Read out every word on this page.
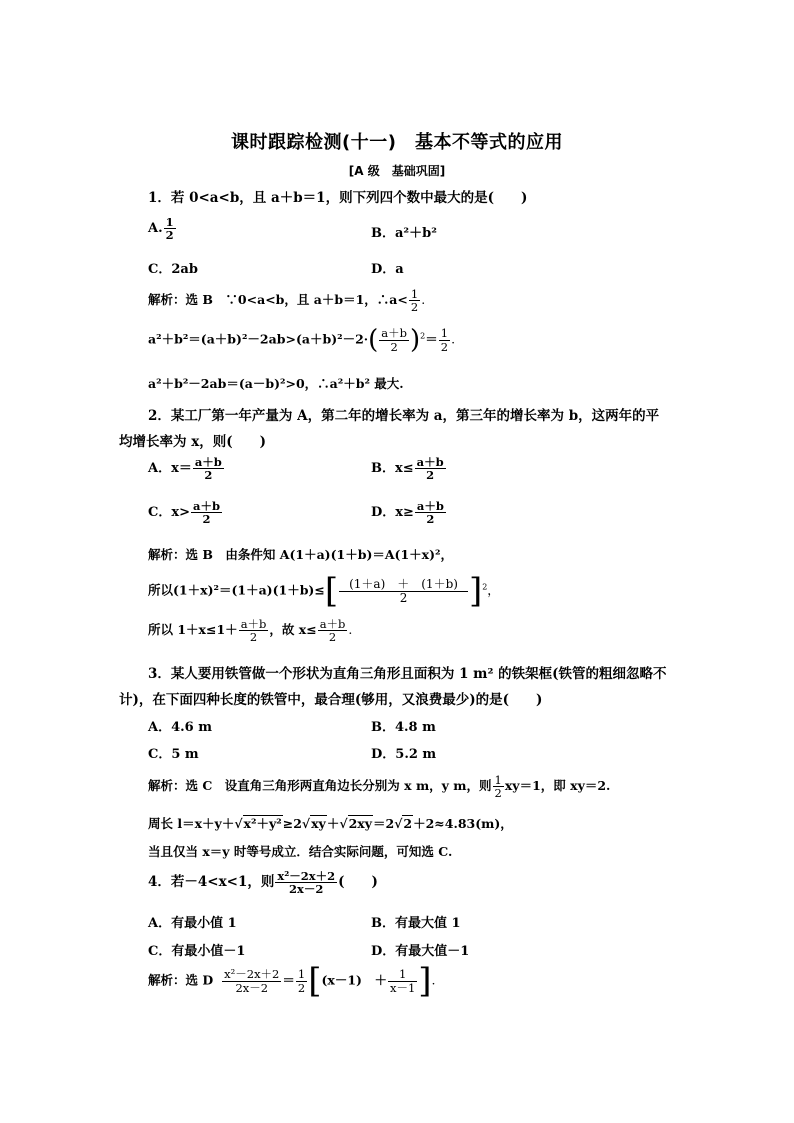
课时跟踪检测(十一)　基本不等式的应用
[A 级　基础巩固]
1．若 0<a<b，且 a＋b＝1，则下列四个数中最大的是(　　)
A. $\frac{1}{2}$	B．a²＋b²
C．2ab	D．a
解析：选 B　∵0<a<b，且 a＋b＝1，∴a< $\frac{1}{2}$ .
$a^2+b^2=(a+b)^2-2ab>(a+b)^2-2\cdot( \frac{a+b}{2} )^2= \frac{1}{2}$ .
a²＋b²－2ab＝(a－b)²>0，∴a²＋b² 最大.
2．某工厂第一年产量为 A，第二年的增长率为 a，第三年的增长率为 b，这两年的平
均增长率为 x，则(　　)
A．$x= \frac{a+b}{2}$	B．$x\le \frac{a+b}{2}$
C．$x> \frac{a+b}{2}$	D．$x\ge \frac{a+b}{2}$
解析：选 B　由条件知 A(1＋a)(1＋b)＝A(1＋x)²，
所以$(1+x)^2=(1+a)(1+b)\le[ \frac{(1+a) + (1+b)}{2} ]^2$，
所以 $1+x\le 1+ \frac{a+b}{2}$ ，故 $x\le \frac{a+b}{2}$ .
3．某人要用铁管做一个形状为直角三角形且面积为 1 m² 的铁架框(铁管的粗细忽略不
计)，在下面四种长度的铁管中，最合理(够用，又浪费最少)的是(　　)
A．4.6 m	B．4.8 m
C．5 m	D．5.2 m
解析：选 C　设直角三角形两直角边长分别为 x m，y m，则 $\frac{1}{2} xy=1$，即 xy＝2.
周长 l＝x＋y＋√x²＋y²≥2√xy＋√2xy＝2√2＋2≈4.83(m)，
当且仅当 x＝y 时等号成立．结合实际问题，可知选 C.
4．若－4<x<1，则 $\frac{\text{x²－2x＋2}}{2x-2}$ (　　)
A．有最小值 1	B．有最大值 1
C．有最小值－1	D．有最大值－1
解析：选 D $\frac{\text{x²－2x＋2}}{2x-2} = \frac{1}{2} [(x-1)$　＋ $\frac{1}{x-1}$ ].
